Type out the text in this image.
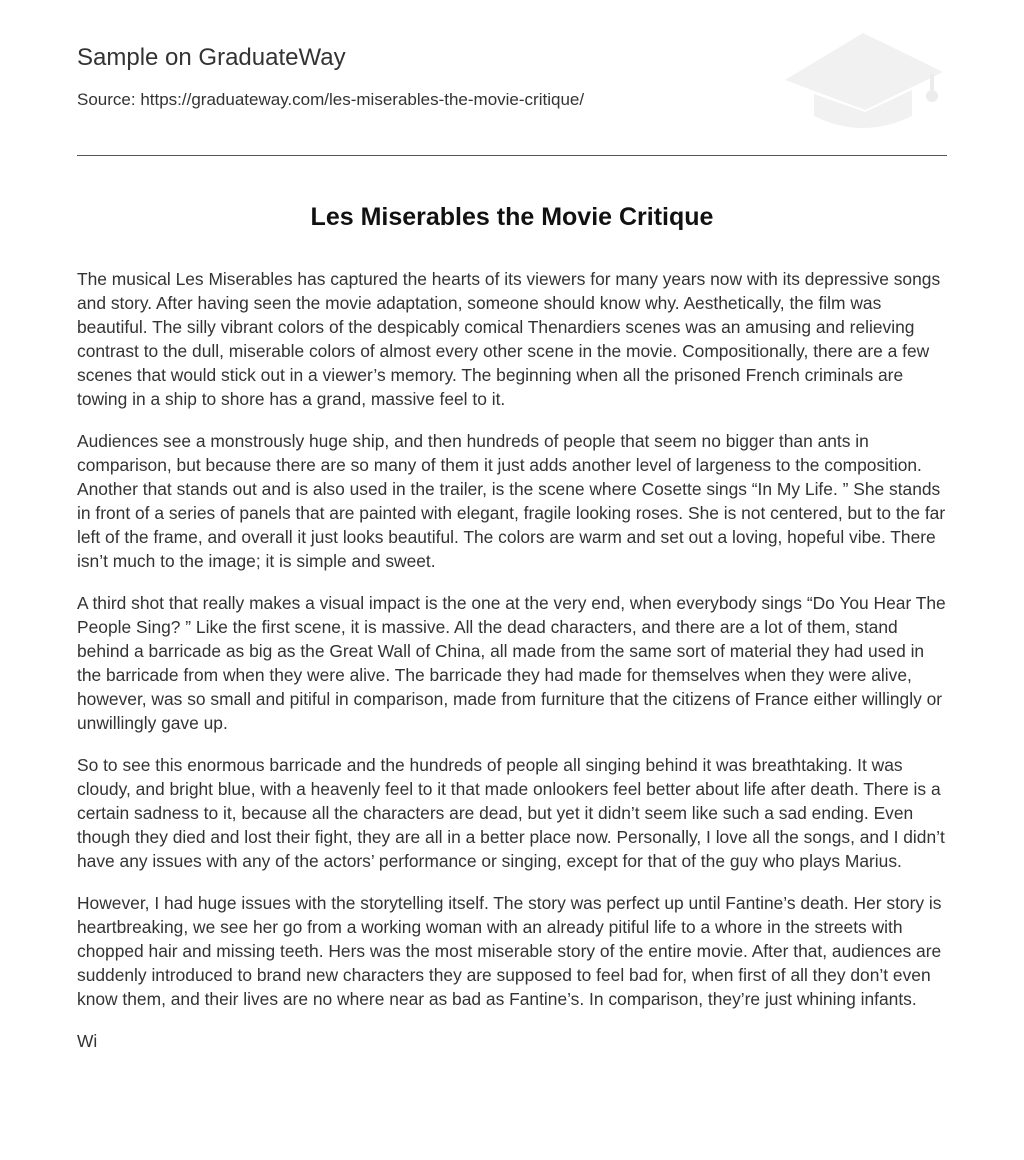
Sample on GraduateWay
Source: https://graduateway.com/les-miserables-the-movie-critique/
Les Miserables the Movie Critique

The musical Les Miserables has captured the hearts of its viewers for many years now with its depressive songs and story. After having seen the movie adaptation, someone should know why. Aesthetically, the film was beautiful. The silly vibrant colors of the despicably comical Thenardiers scenes was an amusing and relieving contrast to the dull, miserable colors of almost every other scene in the movie. Compositionally, there are a few scenes that would stick out in a viewer’s memory. The beginning when all the prisoned French criminals are towing in a ship to shore has a grand, massive feel to it.

Audiences see a monstrously huge ship, and then hundreds of people that seem no bigger than ants in comparison, but because there are so many of them it just adds another level of largeness to the composition. Another that stands out and is also used in the trailer, is the scene where Cosette sings “In My Life. ” She stands in front of a series of panels that are painted with elegant, fragile looking roses. She is not centered, but to the far left of the frame, and overall it just looks beautiful. The colors are warm and set out a loving, hopeful vibe. There isn’t much to the image; it is simple and sweet.

A third shot that really makes a visual impact is the one at the very end, when everybody sings “Do You Hear The People Sing? ” Like the first scene, it is massive. All the dead characters, and there are a lot of them, stand behind a barricade as big as the Great Wall of China, all made from the same sort of material they had used in the barricade from when they were alive. The barricade they had made for themselves when they were alive, however, was so small and pitiful in comparison, made from furniture that the citizens of France either willingly or unwillingly gave up.

So to see this enormous barricade and the hundreds of people all singing behind it was breathtaking. It was cloudy, and bright blue, with a heavenly feel to it that made onlookers feel better about life after death. There is a certain sadness to it, because all the characters are dead, but yet it didn’t seem like such a sad ending. Even though they died and lost their fight, they are all in a better place now. Personally, I love all the songs, and I didn’t have any issues with any of the actors’ performance or singing, except for that of the guy who plays Marius.

However, I had huge issues with the storytelling itself. The story was perfect up until Fantine’s death. Her story is heartbreaking, we see her go from a working woman with an already pitiful life to a whore in the streets with chopped hair and missing teeth. Hers was the most miserable story of the entire movie. After that, audiences are suddenly introduced to brand new characters they are supposed to feel bad for, when first of all they don’t even know them, and their lives are no where near as bad as Fantine’s. In comparison, they’re just whining infants.

Wi
